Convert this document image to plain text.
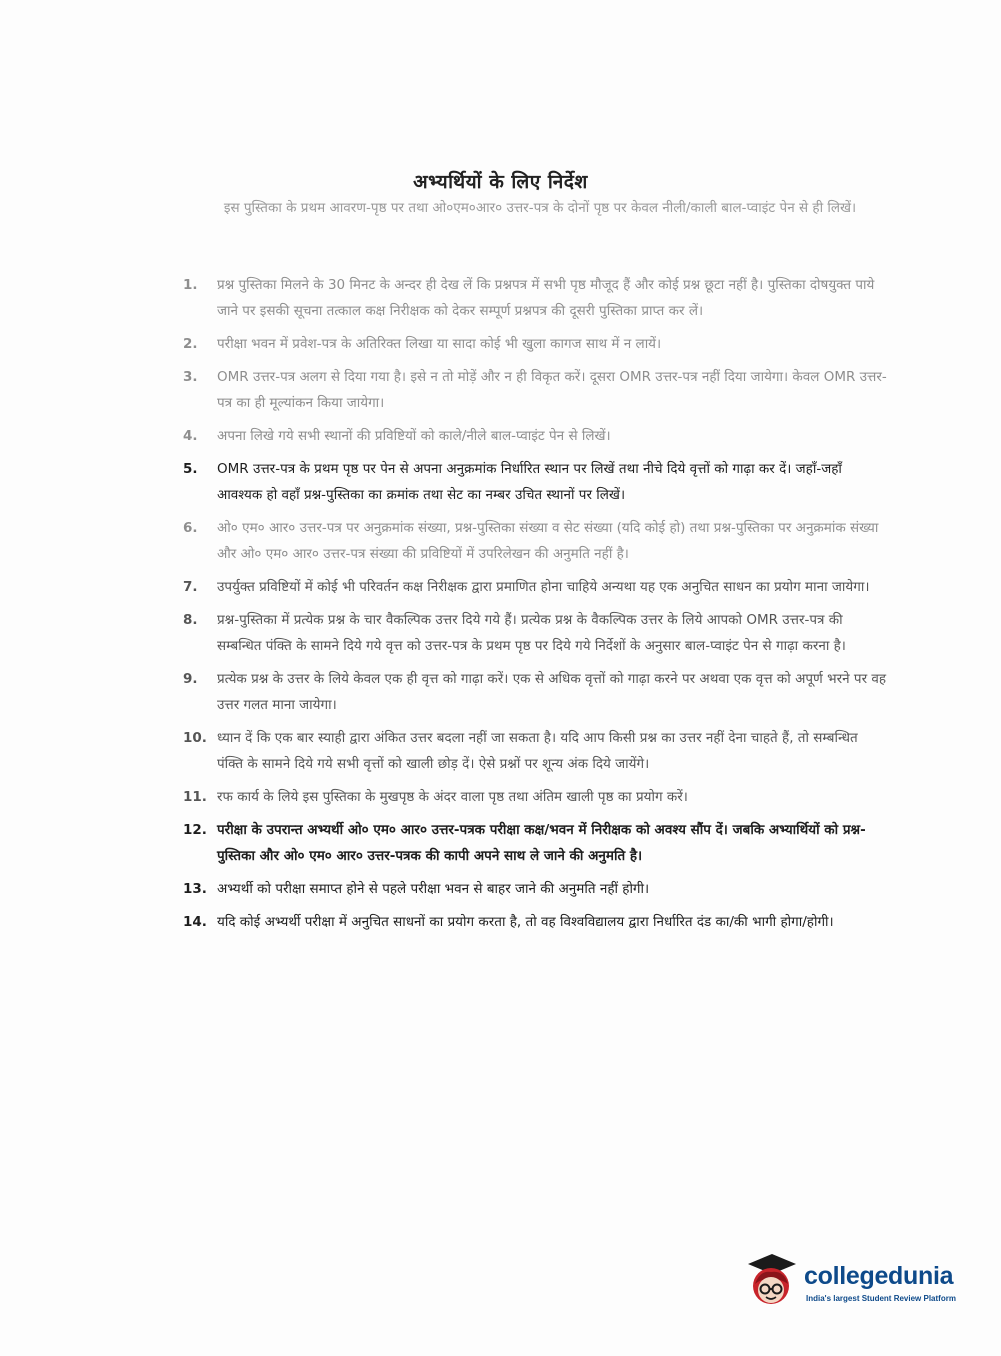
अभ्यर्थियों के लिए निर्देश
इस पुस्तिका के प्रथम आवरण-पृष्ठ पर तथा ओ०एम०आर० उत्तर-पत्र के दोनों पृष्ठ पर केवल नीली/काली बाल-प्वाइंट पेन से ही लिखें।
1.	प्रश्न पुस्तिका मिलने के 30 मिनट के अन्दर ही देख लें कि प्रश्नपत्र में सभी पृष्ठ मौजूद हैं और कोई प्रश्न छूटा नहीं है। पुस्तिका दोषयुक्त पाये जाने पर इसकी सूचना तत्काल कक्ष निरीक्षक को देकर सम्पूर्ण प्रश्नपत्र की दूसरी पुस्तिका प्राप्त कर लें।
2.	परीक्षा भवन में प्रवेश-पत्र के अतिरिक्त लिखा या सादा कोई भी खुला कागज साथ में न लायें।
3.	OMR उत्तर-पत्र अलग से दिया गया है। इसे न तो मोड़ें और न ही विकृत करें। दूसरा OMR उत्तर-पत्र नहीं दिया जायेगा। केवल OMR उत्तर-पत्र का ही मूल्यांकन किया जायेगा।
4.	अपना लिखे गये सभी स्थानों की प्रविष्टियों को काले/नीले बाल-प्वाइंट पेन से लिखें।
5.	OMR उत्तर-पत्र के प्रथम पृष्ठ पर पेन से अपना अनुक्रमांक निर्धारित स्थान पर लिखें तथा नीचे दिये वृत्तों को गाढ़ा कर दें। जहाँ-जहाँ आवश्यक हो वहाँ प्रश्न-पुस्तिका का क्रमांक तथा सेट का नम्बर उचित स्थानों पर लिखें।
6.	ओ० एम० आर० उत्तर-पत्र पर अनुक्रमांक संख्या, प्रश्न-पुस्तिका संख्या व सेट संख्या (यदि कोई हो) तथा प्रश्न-पुस्तिका पर अनुक्रमांक संख्या और ओ० एम० आर० उत्तर-पत्र संख्या की प्रविष्टियों में उपरिलेखन की अनुमति नहीं है।
7.	उपर्युक्त प्रविष्टियों में कोई भी परिवर्तन कक्ष निरीक्षक द्वारा प्रमाणित होना चाहिये अन्यथा यह एक अनुचित साधन का प्रयोग माना जायेगा।
8.	प्रश्न-पुस्तिका में प्रत्येक प्रश्न के चार वैकल्पिक उत्तर दिये गये हैं। प्रत्येक प्रश्न के वैकल्पिक उत्तर के लिये आपको OMR उत्तर-पत्र की सम्बन्धित पंक्ति के सामने दिये गये वृत्त को उत्तर-पत्र के प्रथम पृष्ठ पर दिये गये निर्देशों के अनुसार बाल-प्वाइंट पेन से गाढ़ा करना है।
9.	प्रत्येक प्रश्न के उत्तर के लिये केवल एक ही वृत्त को गाढ़ा करें। एक से अधिक वृत्तों को गाढ़ा करने पर अथवा एक वृत्त को अपूर्ण भरने पर वह उत्तर गलत माना जायेगा।
10. ध्यान दें कि एक बार स्याही द्वारा अंकित उत्तर बदला नहीं जा सकता है। यदि आप किसी प्रश्न का उत्तर नहीं देना चाहते हैं, तो सम्बन्धित पंक्ति के सामने दिये गये सभी वृत्तों को खाली छोड़ दें। ऐसे प्रश्नों पर शून्य अंक दिये जायेंगे।
11. रफ कार्य के लिये इस पुस्तिका के मुखपृष्ठ के अंदर वाला पृष्ठ तथा अंतिम खाली पृष्ठ का प्रयोग करें।
12. परीक्षा के उपरान्त अभ्यर्थी ओ० एम० आर० उत्तर-पत्रक परीक्षा कक्ष/भवन में निरीक्षक को अवश्य सौंप दें। जबकि अभ्यार्थियों को प्रश्न-पुस्तिका और ओ० एम० आर० उत्तर-पत्रक की कापी अपने साथ ले जाने की अनुमति है।
13. अभ्यर्थी को परीक्षा समाप्त होने से पहले परीक्षा भवन से बाहर जाने की अनुमति नहीं होगी।
14. यदि कोई अभ्यर्थी परीक्षा में अनुचित साधनों का प्रयोग करता है, तो वह विश्वविद्यालय द्वारा निर्धारित दंड का/की भागी होगा/होगी।
collegedunia
India's largest Student Review Platform
